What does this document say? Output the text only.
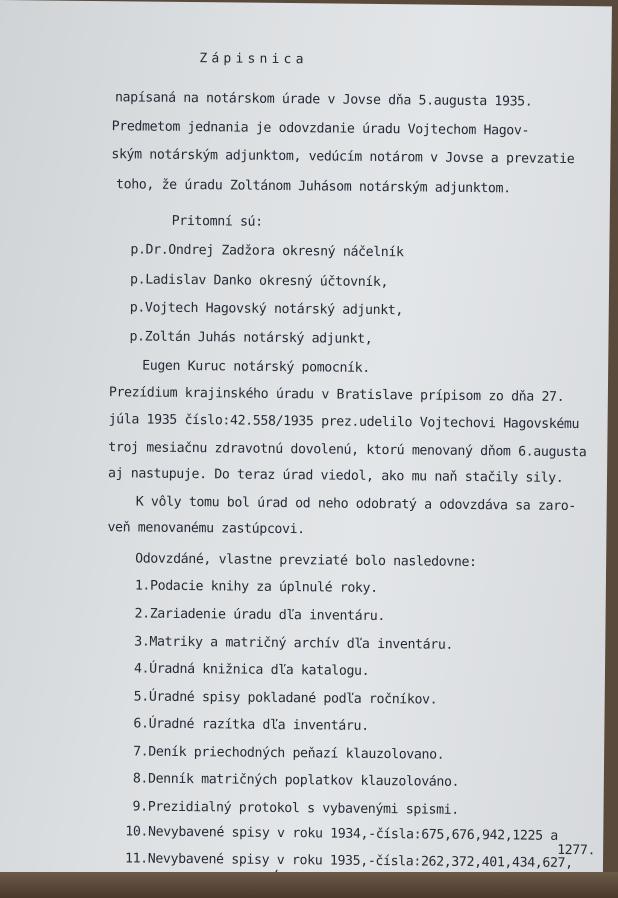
Zápisnica
napísaná na notárskom úrade v Jovse dňa 5.augusta 1935.
Predmetom jednania je odovzdanie úradu Vojtechom Hagov-
ským notárským adjunktom, vedúcím notárom v Jovse a prevzatie
toho, že úradu Zoltánom Juhásom notárským adjunktom.
Pritomní sú:
p.Dr.Ondrej Zadžora okresný náčelník
p.Ladislav Danko okresný účtovník,
p.Vojtech Hagovský notárský adjunkt,
p.Zoltán Juhás notárský adjunkt,
Eugen Kuruc notárský pomocník.
Prezídium krajinského úradu v Bratislave prípisom zo dňa 27.
júla 1935 číslo:42.558/1935 prez.udelilo Vojtechovi Hagovskému
troj mesiačnu zdravotnú dovolenú, ktorú menovaný dňom 6.augusta
aj nastupuje. Do teraz úrad viedol, ako mu naň stačily sily.
K vôly tomu bol úrad od neho odobratý a odovzdáva sa zaro-
veň menovanému zastúpcovi.
Odovzdáné, vlastne prevziaté bolo nasledovne:
1.Podacie knihy za úplnulé roky.
2.Zariadenie úradu dľa inventáru.
3.Matriky a matričný archív dľa inventáru.
4.Úradná knižnica dľa katalogu.
5.Úradné spisy pokladané podľa ročníkov.
6.Úradné razítka dľa inventáru.
7.Deník priechodných peňazí klauzolovano.
8.Denník matričných poplatkov klauzolováno.
9.Prezidialný protokol s vybavenými spismi.
10.Nevybavené spisy v roku 1934,-čísla:675,676,942,1225 a
11.Nevybavené spisy v roku 1935,-čísla:262,372,401,434,627,
1277.
